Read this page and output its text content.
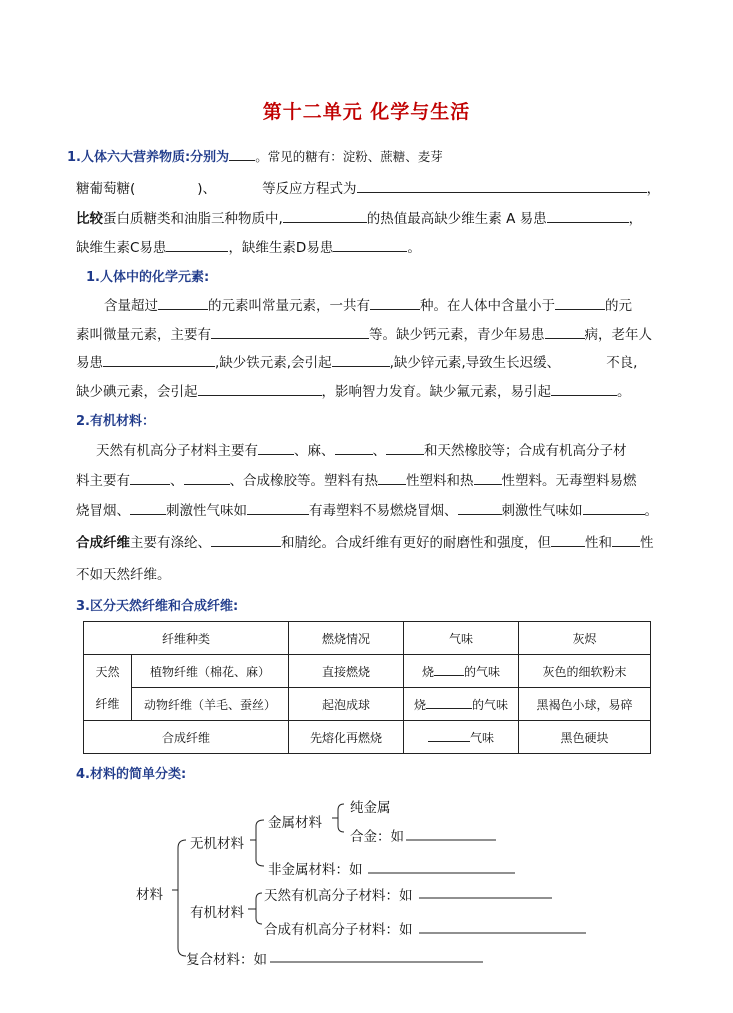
第十二单元 化学与生活
1.人体六大营养物质:分别为 。常见的糖有：淀粉、蔗糖、麦芽
糖葡萄糖(	)、	等反应方程式为	，
比较蛋白质糖类和油脂三种物质中,	的热值最高缺少维生素 A 易患	，
缺维生素C易患	，缺维生素D易患	。
1.人体中的化学元素:
含量超过	的元素叫常量元素，一共有	种。在人体中含量小于	的元
素叫微量元素，主要有	等。缺少钙元素，青少年易患	病，老年人
易患	,缺少铁元素,会引起	,缺少锌元素,导致生长迟缓、	不良,
缺少碘元素，会引起	，影响智力发育。缺少氟元素，易引起	。
2.有机材料：
天然有机高分子材料主要有	、麻、	、	和天然橡胶等；合成有机高分子材
料主要有	、	、合成橡胶等。塑料有热 性塑料和热 性塑料。无毒塑料易燃
烧冒烟、	刺激性气味如	有毒塑料不易燃烧冒烟、	刺激性气味如	。
合成纤维主要有涤纶、	和腈纶。合成纤维有更好的耐磨性和强度，但	性和 性
不如天然纤维。
3.区分天然纤维和合成纤维:
纤维种类		燃烧情况	气味	灰烬
天然
纤维	植物纤维（棉花、麻）	直接燃烧	烧 的气味	灰色的细软粉末
	动物纤维（羊毛、蚕丝）	起泡成球	烧 的气味	黑褐色小球，易碎
合成纤维		先熔化再燃烧	气味	黑色硬块
4.材料的简单分类:
材料
无机材料
金属材料
纯金属
合金：如
非金属材料：如
有机材料
天然有机高分子材料：如
合成有机高分子材料：如
复合材料：如
